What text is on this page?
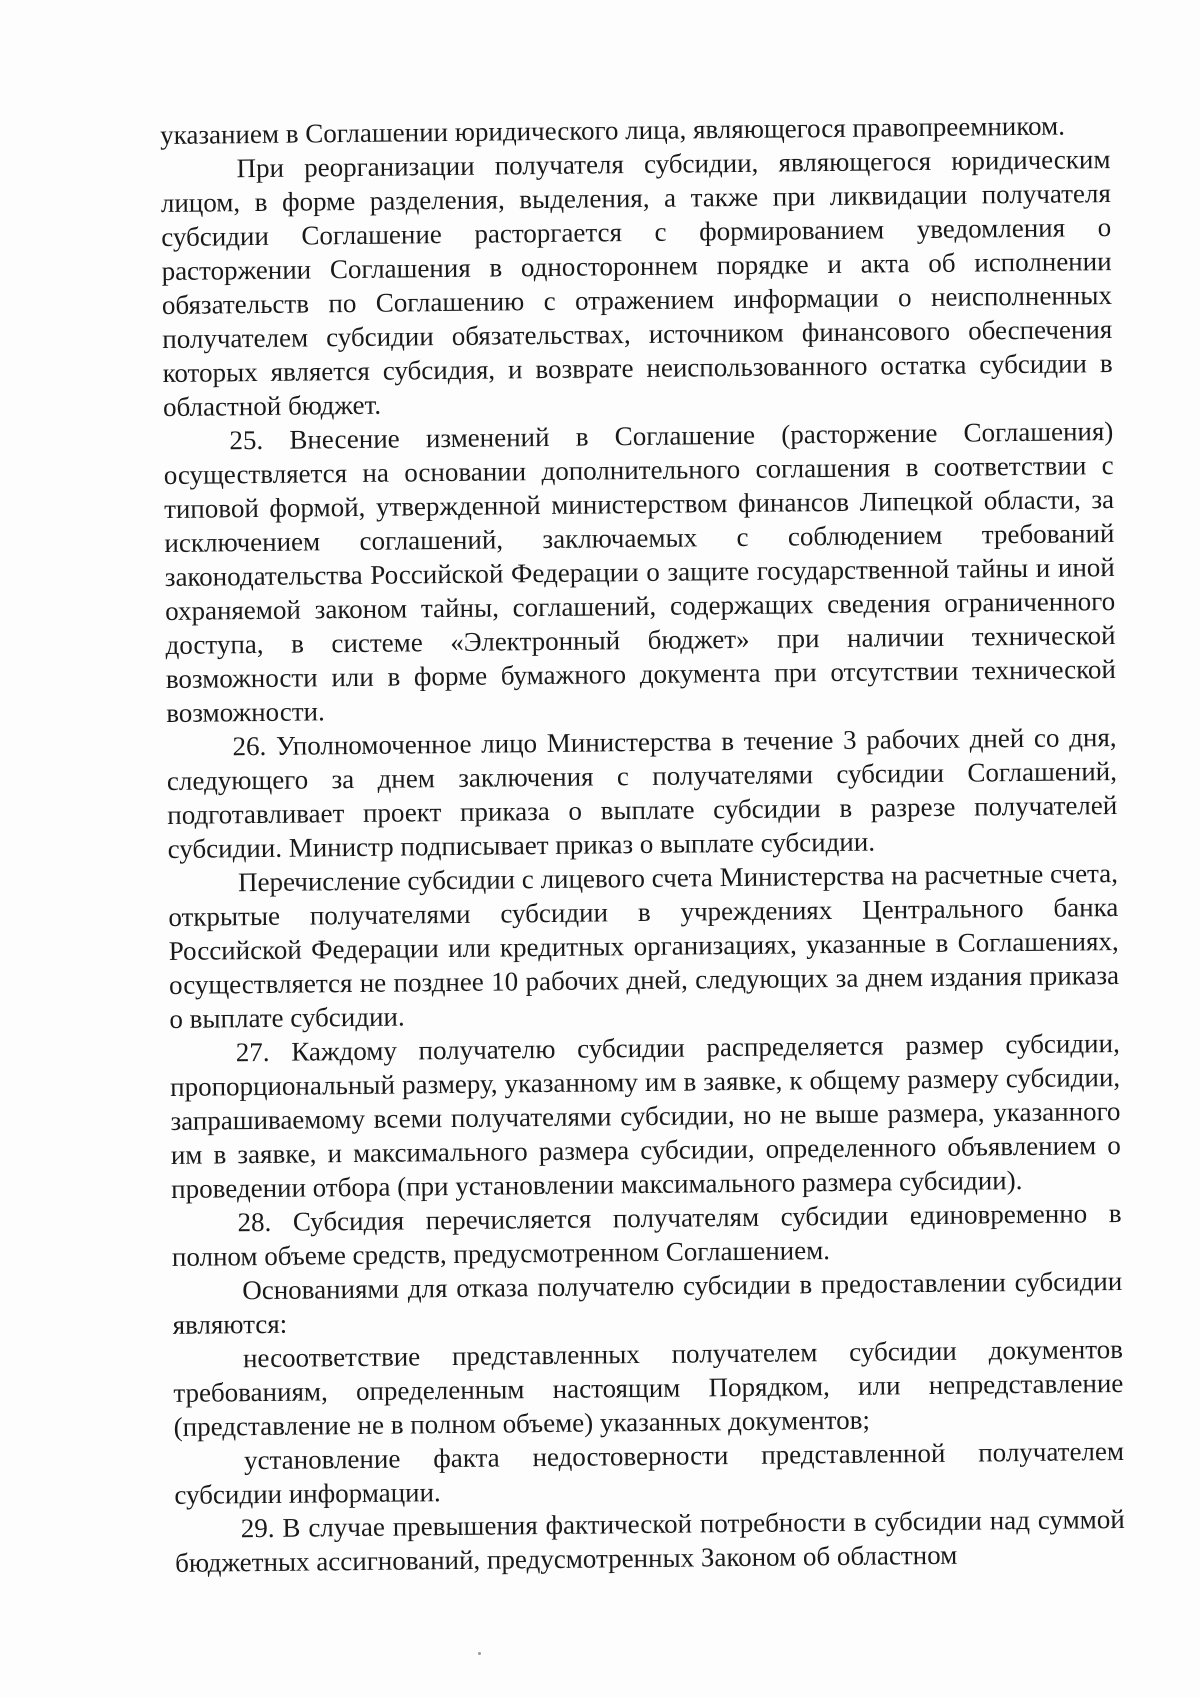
указанием в Соглашении юридического лица, являющегося правопреемником.

При реорганизации получателя субсидии, являющегося юридическим лицом, в форме разделения, выделения, а также при ликвидации получателя субсидии Соглашение расторгается с формированием уведомления о расторжении Соглашения в одностороннем порядке и акта об исполнении обязательств по Соглашению с отражением информации о неисполненных получателем субсидии обязательствах, источником финансового обеспечения которых является субсидия, и возврате неиспользованного остатка субсидии в областной бюджет.

25. Внесение изменений в Соглашение (расторжение Соглашения) осуществляется на основании дополнительного соглашения в соответствии с типовой формой, утвержденной министерством финансов Липецкой области, за исключением соглашений, заключаемых с соблюдением требований законодательства Российской Федерации о защите государственной тайны и иной охраняемой законом тайны, соглашений, содержащих сведения ограниченного доступа, в системе «Электронный бюджет» при наличии технической возможности или в форме бумажного документа при отсутствии технической возможности.

26. Уполномоченное лицо Министерства в течение 3 рабочих дней со дня, следующего за днем заключения с получателями субсидии Соглашений, подготавливает проект приказа о выплате субсидии в разрезе получателей субсидии. Министр подписывает приказ о выплате субсидии.

Перечисление субсидии с лицевого счета Министерства на расчетные счета, открытые получателями субсидии в учреждениях Центрального банка Российской Федерации или кредитных организациях, указанные в Соглашениях, осуществляется не позднее 10 рабочих дней, следующих за днем издания приказа о выплате субсидии.

27. Каждому получателю субсидии распределяется размер субсидии, пропорциональный размеру, указанному им в заявке, к общему размеру субсидии, запрашиваемому всеми получателями субсидии, но не выше размера, указанного им в заявке, и максимального размера субсидии, определенного объявлением о проведении отбора (при установлении максимального размера субсидии).

28. Субсидия перечисляется получателям субсидии единовременно в полном объеме средств, предусмотренном Соглашением.

Основаниями для отказа получателю субсидии в предоставлении субсидии являются:

несоответствие представленных получателем субсидии документов требованиям, определенным настоящим Порядком, или непредставление (представление не в полном объеме) указанных документов;

установление факта недостоверности представленной получателем субсидии информации.

29. В случае превышения фактической потребности в субсидии над суммой бюджетных ассигнований, предусмотренных Законом об областном
